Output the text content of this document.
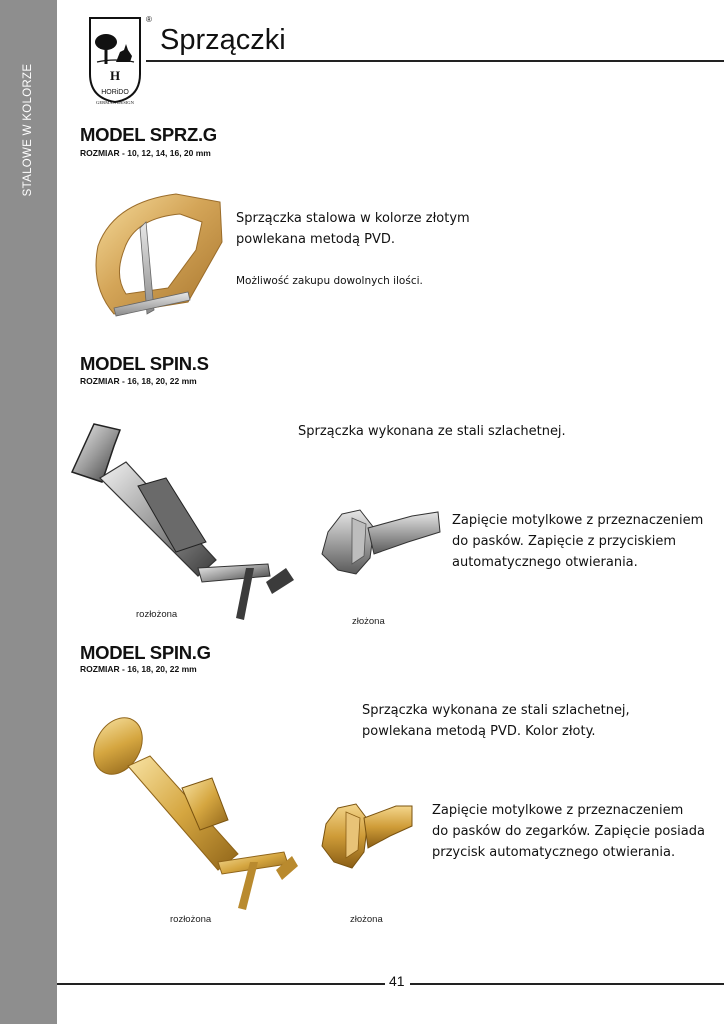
STALOWE W KOLORZE	H
HORiDO
GERMAN DESIGN
®
Sprzączki
MODEL SPRZ.G
ROZMIAR - 10, 12, 14, 16, 20 mm
Sprzączka stalowa w kolorze złotym
powlekana metodą PVD.
Możliwość zakupu dowolnych ilości.
MODEL SPIN.S
ROZMIAR - 16, 18, 20, 22 mm
Sprzączka wykonana ze stali szlachetnej.
rozłożona
złożona
Zapięcie motylkowe z przeznaczeniem
do pasków. Zapięcie z przyciskiem
automatycznego otwierania.
MODEL SPIN.G
ROZMIAR - 16, 18, 20, 22 mm
Sprzączka wykonana ze stali szlachetnej,
powlekana metodą PVD. Kolor złoty.
rozłożona	złożona
Zapięcie motylkowe z przeznaczeniem
do pasków do zegarków. Zapięcie posiada
przycisk automatycznego otwierania.
41
